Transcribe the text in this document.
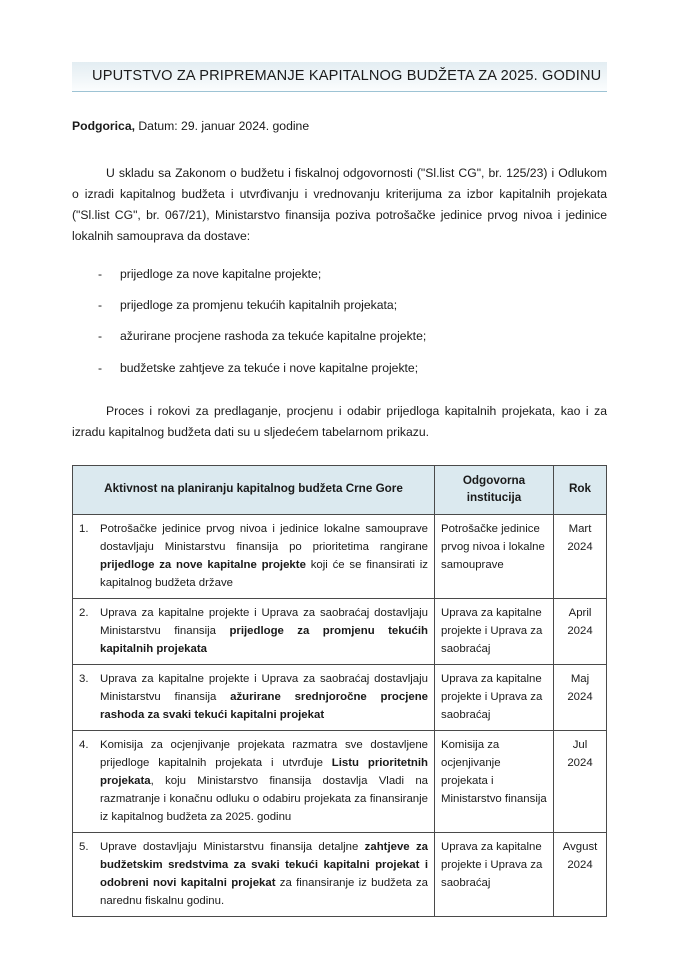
UPUTSTVO ZA PRIPREMANJE KAPITALNOG BUDŽETA ZA 2025. GODINU
Podgorica, Datum: 29. januar 2024. godine

U skladu sa Zakonom o budžetu i fiskalnoj odgovornosti ("Sl.list CG", br. 125/23) i Odlukom o izradi kapitalnog budžeta i utvrđivanju i vrednovanju kriterijuma za izbor kapitalnih projekata ("Sl.list CG", br. 067/21), Ministarstvo finansija poziva potrošačke jedinice prvog nivoa i jedinice lokalnih samouprava da dostave:

-	prijedloge za nove kapitalne projekte;
-	prijedloge za promjenu tekućih kapitalnih projekata;
-	ažurirane procjene rashoda za tekuće kapitalne projekte;
-	budžetske zahtjeve za tekuće i nove kapitalne projekte;

Proces i rokovi za predlaganje, procjenu i odabir prijedloga kapitalnih projekata, kao i za izradu kapitalnog budžeta dati su u sljedećem tabelarnom prikazu.

Aktivnost na planiranju kapitalnog budžeta Crne Gore	Odgovorna institucija	Rok

1. Potrošačke jedinice prvog nivoa i jedinice lokalne samouprave dostavljaju Ministarstvu finansija po prioritetima rangirane prijedloge za nove kapitalne projekte koji će se finansirati iz kapitalnog budžeta države	Potrošačke jedinice prvog nivoa i lokalne samouprave	Mart 2024

2. Uprava za kapitalne projekte i Uprava za saobraćaj dostavljaju Ministarstvu finansija prijedloge za promjenu tekućih kapitalnih projekata	Uprava za kapitalne projekte i Uprava za saobraćaj	April 2024

3. Uprava za kapitalne projekte i Uprava za saobraćaj dostavljaju Ministarstvu finansija ažurirane srednjoročne procjene rashoda za svaki tekući kapitalni projekat	Uprava za kapitalne projekte i Uprava za saobraćaj	Maj 2024

4. Komisija za ocjenjivanje projekata razmatra sve dostavljene prijedloge kapitalnih projekata i utvrđuje Listu prioritetnih projekata, koju Ministarstvo finansija dostavlja Vladi na razmatranje i konačnu odluku o odabiru projekata za finansiranje iz kapitalnog budžeta za 2025. godinu	Komisija za ocjenjivanje projekata i Ministarstvo finansija	Jul 2024

5. Uprave dostavljaju Ministarstvu finansija detaljne zahtjeve za budžetskim sredstvima za svaki tekući kapitalni projekat i odobreni novi kapitalni projekat za finansiranje iz budžeta za narednu fiskalnu godinu.	Uprava za kapitalne projekte i Uprava za saobraćaj	Avgust 2024
